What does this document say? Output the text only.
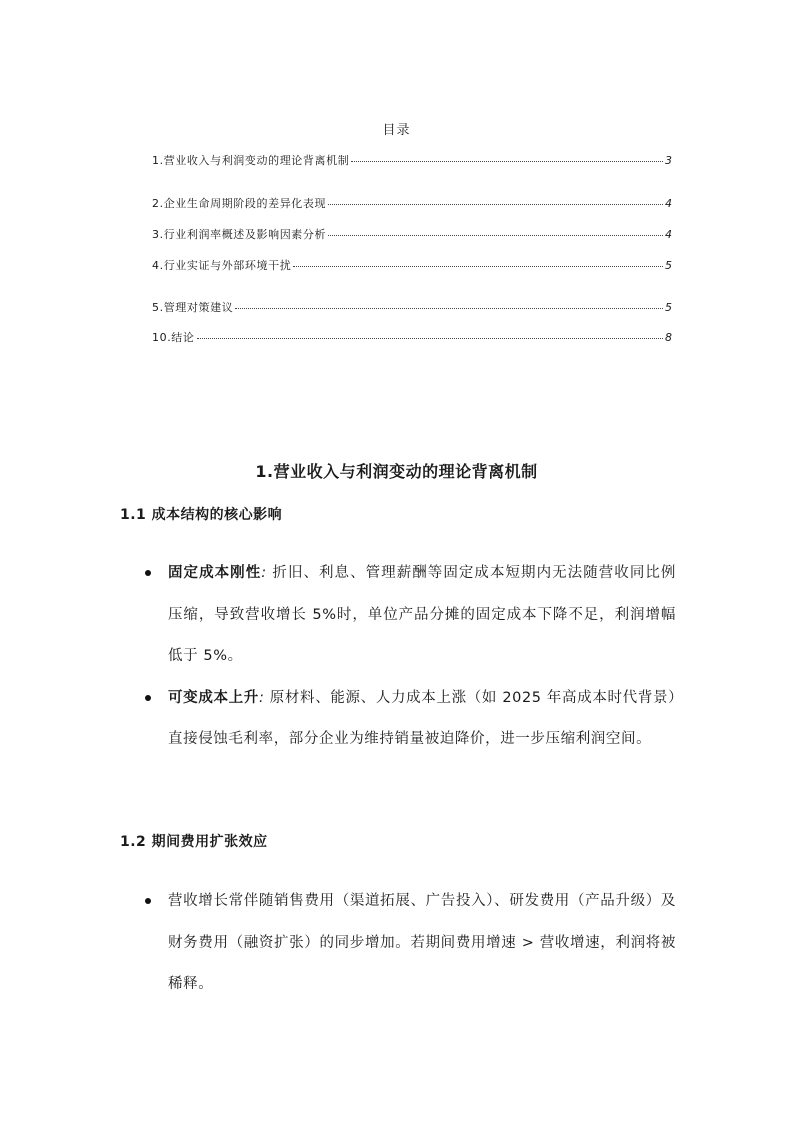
目录
1.营业收入与利润变动的理论背离机制	3
2.企业生命周期阶段的差异化表现	4
3.行业利润率概述及影响因素分析	4
4.行业实证与外部环境干扰	5
5.管理对策建议	5
10.结论	8
1.营业收入与利润变动的理论背离机制
1.1 成本结构的核心影响
固定成本刚性: 折旧、利息、管理薪酬等固定成本短期内无法随营收同比例压缩，导致营收增长 5%时，单位产品分摊的固定成本下降不足，利润增幅低于 5%。
可变成本上升: 原材料、能源、人力成本上涨（如 2025 年高成本时代背景）直接侵蚀毛利率，部分企业为维持销量被迫降价，进一步压缩利润空间。
1.2 期间费用扩张效应
营收增长常伴随销售费用（渠道拓展、广告投入）、研发费用（产品升级）及财务费用（融资扩张）的同步增加。若期间费用增速 > 营收增速，利润将被稀释。
